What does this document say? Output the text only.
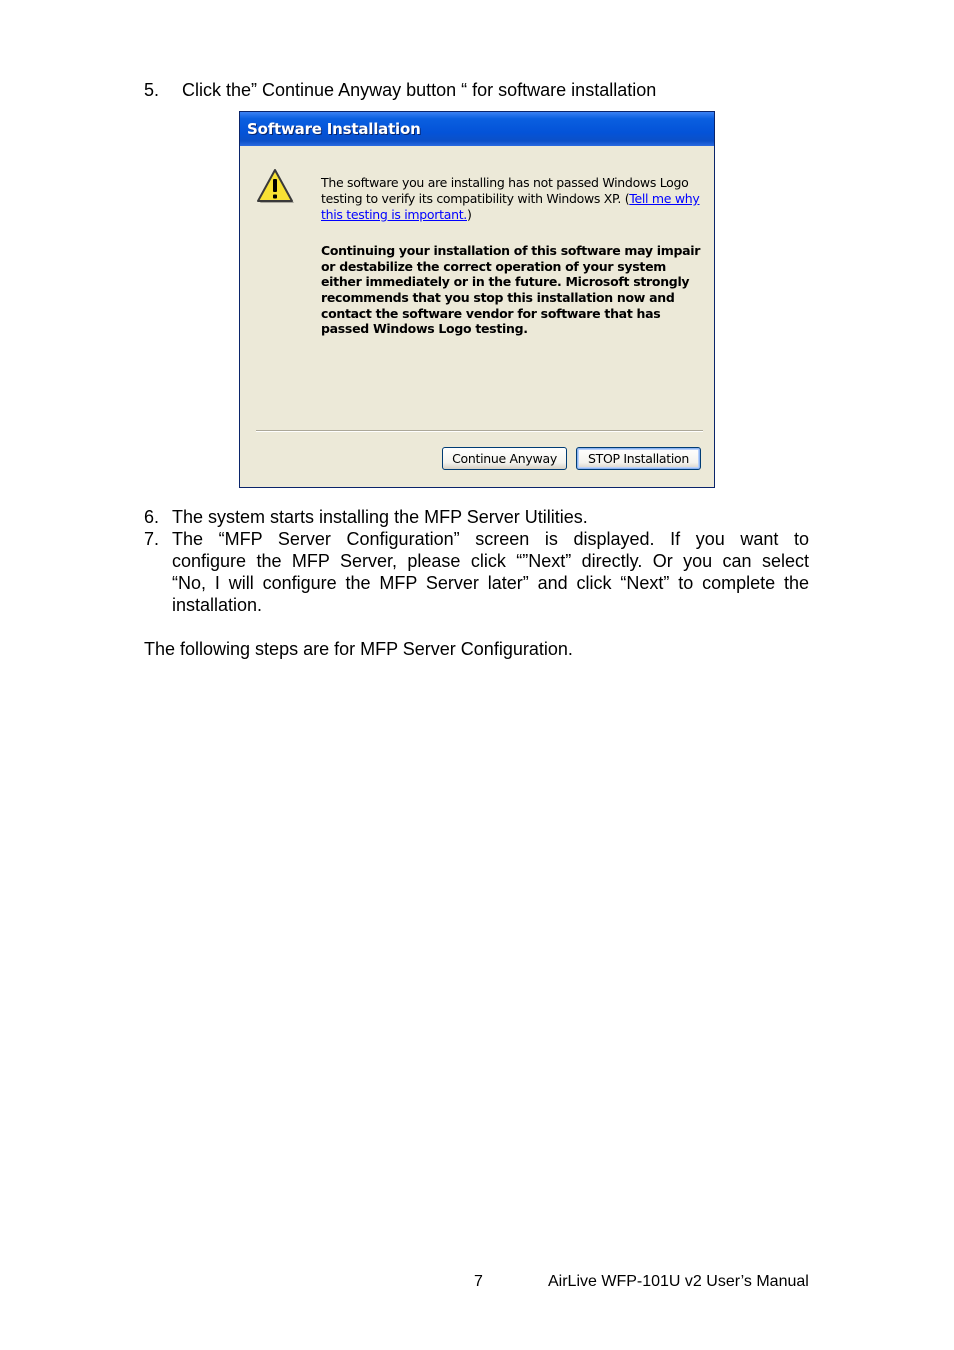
5. Click the” Continue Anyway button “ for software installation
Software Installation
The software you are installing has not passed Windows Logo
testing to verify its compatibility with Windows XP. (Tell me why
this testing is important.)
Continuing your installation of this software may impair
or destabilize the correct operation of your system
either immediately or in the future. Microsoft strongly
recommends that you stop this installation now and
contact the software vendor for software that has
passed Windows Logo testing.
Continue Anyway	STOP Installation
6. The system starts installing the MFP Server Utilities.
7. The “MFP Server Configuration” screen is displayed. If you want to
configure the MFP Server, please click “”Next” directly. Or you can select
“No, I will configure the MFP Server later” and click “Next” to complete the
installation.
The following steps are for MFP Server Configuration.
7	AirLive WFP-101U v2 User’s Manual
